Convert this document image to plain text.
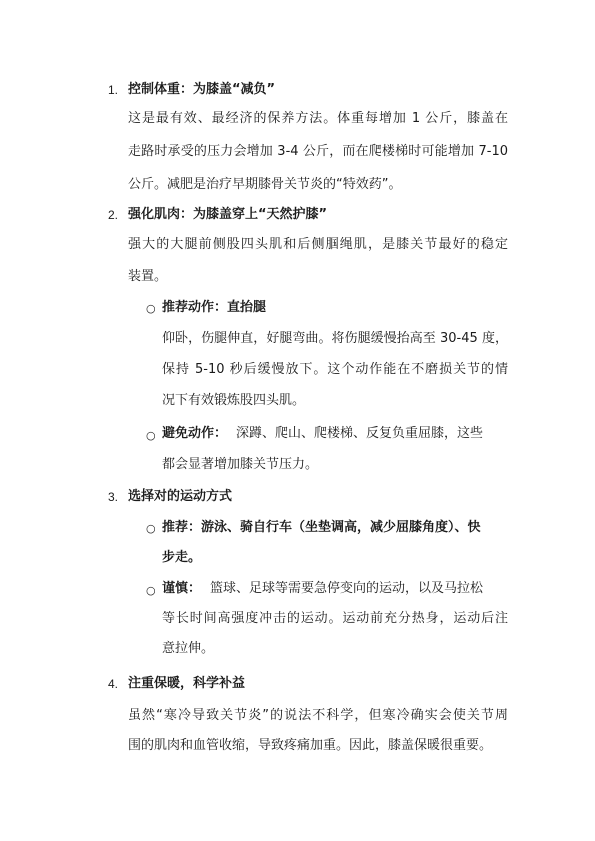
1. 控制体重：为膝盖“减负”
这是最有效、最经济的保养方法。体重每增加 1 公斤，膝盖在
走路时承受的压力会增加 3-4 公斤，而在爬楼梯时可能增加 7-10
公斤。减肥是治疗早期膝骨关节炎的“特效药”。
2. 强化肌肉：为膝盖穿上“天然护膝”
强大的大腿前侧股四头肌和后侧腘绳肌，是膝关节最好的稳定
装置。
○ 推荐动作：直抬腿
仰卧，伤腿伸直，好腿弯曲。将伤腿缓慢抬高至 30-45 度，
保持 5-10 秒后缓慢放下。这个动作能在不磨损关节的情
况下有效锻炼股四头肌。
○ 避免动作： 深蹲、爬山、爬楼梯、反复负重屈膝，这些
都会显著增加膝关节压力。
3. 选择对的运动方式
○ 推荐：游泳、骑自行车（坐垫调高，减少屈膝角度）、快
步走。
○ 谨慎： 篮球、足球等需要急停变向的运动，以及马拉松
等长时间高强度冲击的运动。运动前充分热身，运动后注
意拉伸。
4. 注重保暖，科学补益
虽然“寒冷导致关节炎”的说法不科学，但寒冷确实会使关节周
围的肌肉和血管收缩，导致疼痛加重。因此，膝盖保暖很重要。
